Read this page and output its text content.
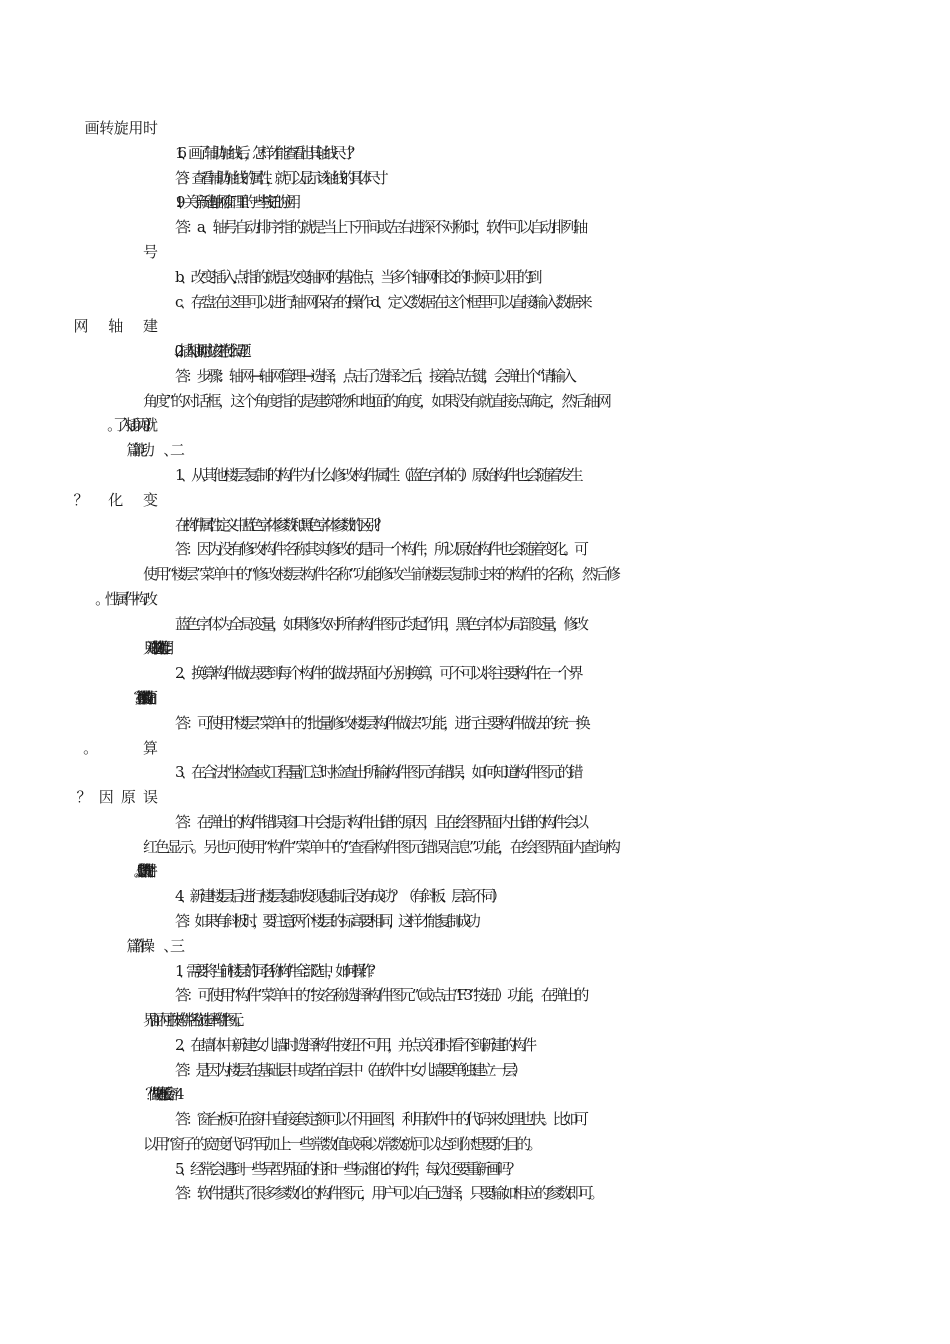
16、画了辅助轴线后，怎样才能查看出其轴线尺寸？
答：查看辅助轴线的属性，就可以显示该轴线的具体尺寸
19、关于新建轴网窗口里的一些按钮的应用
答：a、轴号自动排序 指的就是当上下开间或左右进深不对称时，软件可以自动排列轴
b、改变插入点 指的就是改变轴网的基准点，当多个轴网相交的时候可以用的到
c、存盘 在这里可以进行轴网保存的操作 d、定义数据 在这个框里可以直接输入数据来
20、插入轴网时应该注意什么问题？
答：步骤：轴网→轴网管理→选择，点击了选择之后，接着点左键，会弹出个“请输入
角度”的对话框，这个角度指的是建筑物和地面的角度，如果没有就直接点确定，然后轴网
1、从其他楼层复制的构件为什么修改构件属性（蓝色字体的）原始构件也会随着发生
在构件属性定义中蓝色字体参数和黑色字体参数的区别？
答：因为没有修改构件名称其实修改的是同一个构件，所以原始构件也会随着变化。可
使用“楼层”菜单中的“修改楼层构件名称”功能修改当前楼层复制过来的构件的名称，然后修
蓝色字体为全局变量，如果修改对所有构件图元均起作用，黑色字体为局部变量，修改
只对选中的图元起作用。
2、换算构件做法要到每个构件的做法界面内分别换算，可不可以将主要构件在一个界
答：可使用“楼层”菜单中的“批量修改楼层构件做法”功能，进行主要构件做法的统一换
3、在合法性检查或工程量汇总时检查出所输构件图元有错误，如何知道构件图元的错
答：在弹出的构件错误窗口中会提示构件出错的原因，且在绘图界面内出错的构件会以
红色显示。另也可使用“构件”菜单中的“查看构件图元错误信息”功能，在绘图界面内查询构
4、新建楼层后进行楼层复制发现复制后没有成功？（有斜板、层高不同）
答：如果有斜板时，要注意两个楼层的标高要相同，这样才能复制成功
1、需要将当前楼层的同名称构件全部选中，如何操作？
答：可使用“构件”菜单中的“按名称选择构件图元”（或点击“F3”按钮）功能，在弹出的
界面内可按构件名称选择构件图元。
2、在墙体中新建女儿墙时选择构件按纽不可用，并点关闭时看不到新建的构件
答：是因为楼层在基础层中或者在首层中（在软件中女儿墙要单独建立一层）
答：窗台板可在窗中直接套定额可以不用画图，利用软件中的代码来处理也快。比如可
以用“窗子的宽度代码”再加上一些常数值或乘以常数就可以达到你想要的目的。
5、经常会遇到一些异型界面的柱和一些标准化的构件，每次还要重新画吗？
答：软件提供了很多参数化的构件图元，用户可以自己选择，只要输如相应的参数即可。
